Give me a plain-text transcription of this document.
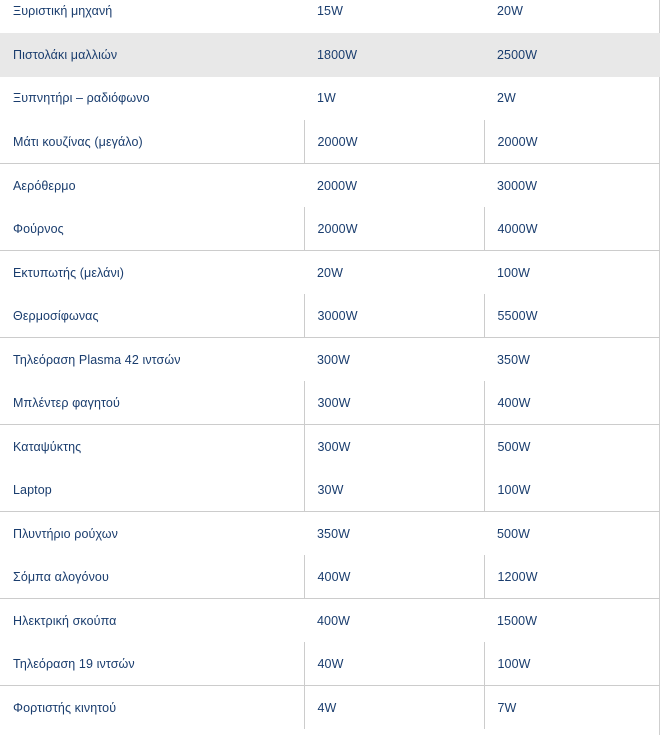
Ξυριστική μηχανή	15W	20W
Πιστολάκι μαλλιών	1800W	2500W
Ξυπνητήρι – ραδιόφωνο	1W	2W
Μάτι κουζίνας (μεγάλο)	2000W	2000W
Αερόθερμο	2000W	3000W
Φούρνος	2000W	4000W
Εκτυπωτής (μελάνι)	20W	100W
Θερμοσίφωνας	3000W	5500W
Τηλεόραση Plasma 42 ιντσών	300W	350W
Μπλέντερ φαγητού	300W	400W
Καταψύκτης	300W	500W
Laptop	30W	100W
Πλυντήριο ρούχων	350W	500W
Σόμπα αλογόνου	400W	1200W
Ηλεκτρική σκούπα	400W	1500W
Τηλεόραση 19 ιντσών	40W	100W
Φορτιστής κινητού	4W	7W
